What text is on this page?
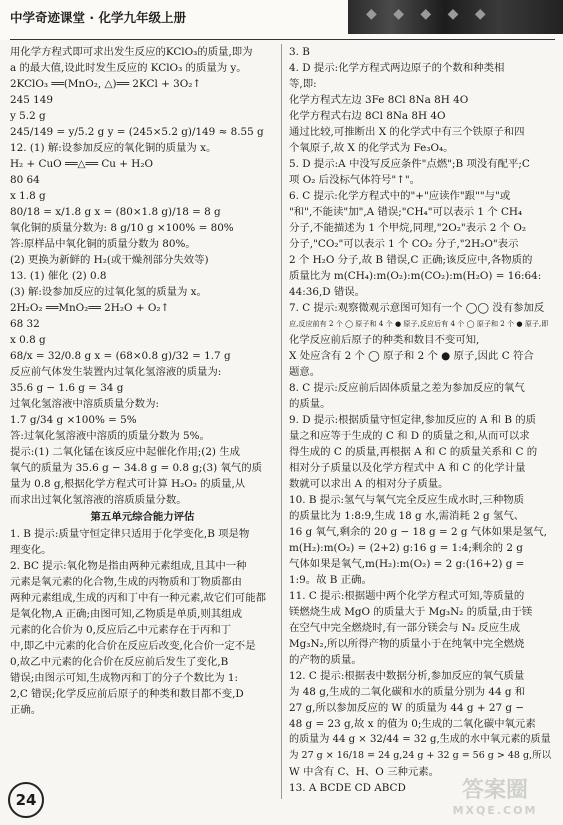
中学奇迹课堂 · 化学九年级上册	◆ ◆ ◆ ◆ ◆
用化学方程式即可求出发生反应的KClO₃的质量,即为
a 的最大值,设此时发生反应的 KClO₃ 的质量为 y。
2KClO₃ ══(MnO₂, △)══ 2KCl + 3O₂↑
245 149
y 5.2 g
245/149 = y/5.2 g y = (245×5.2 g)/149 ≈ 8.55 g
12. (1) 解:设参加反应的氧化铜的质量为 x。
H₂ + CuO ══△══ Cu + H₂O
80 64
x 1.8 g
80/18 = x/1.8 g x = (80×1.8 g)/18 = 8 g
氧化铜的质量分数为: 8 g/10 g ×100% = 80%
答:原样品中氧化铜的质量分数为 80%。
(2) 更换为新鲜的 H₂(或干燥剂部分失效等)
13. (1) 催化 (2) 0.8
(3) 解:设参加反应的过氧化氢的质量为 x。
2H₂O₂ ══MnO₂══ 2H₂O + O₂↑
68 32
x 0.8 g
68/x = 32/0.8 g x = (68×0.8 g)/32 = 1.7 g
反应前气体发生装置内过氧化氢溶液的质量为:
35.6 g − 1.6 g = 34 g
过氧化氢溶液中溶质质量分数为:
1.7 g/34 g ×100% = 5%
答:过氧化氢溶液中溶质的质量分数为 5%。
提示:(1) 二氧化锰在该反应中起催化作用;(2) 生成
氧气的质量为 35.6 g − 34.8 g = 0.8 g;(3) 氧气的质
量为 0.8 g,根据化学方程式可计算 H₂O₂ 的质量,从
而求出过氧化氢溶液的溶质质量分数。
第五单元综合能力评估
1. B 提示:质量守恒定律只适用于化学变化,B 项是物
理变化。
2. BC 提示:氧化物是指由两种元素组成,且其中一种
元素是氧元素的化合物,生成的丙物质和丁物质都由
两种元素组成,生成的丙和丁中有一种元素,故它们可能都
是氧化物,A 正确;由图可知,乙物质是单质,则其组成
元素的化合价为 0,反应后乙中元素存在于丙和丁
中,即乙中元素的化合价在反应后改变,化合价一定不是
0,故乙中元素的化合价在反应前后发生了变化,B
错误;由图示可知,生成物丙和丁的分子个数比为 1:
2,C 错误;化学反应前后原子的种类和数目都不变,D
正确。
3. B
4. D 提示:化学方程式两边原子的个数和种类相
等,即:
化学方程式左边 3Fe 8Cl 8Na 8H 4O
化学方程式右边 8Cl 8Na 8H 4O
通过比较,可推断出 X 的化学式中有三个铁原子和四
个氧原子,故 X 的化学式为 Fe₃O₄。
5. D 提示:A 中没写反应条件"点燃";B 项没有配平;C
项 O₂ 后没标气体符号"↑"。
6. C 提示:化学方程式中的"+"应读作"跟""与"或
"和",不能读"加",A 错误;"CH₄"可以表示 1 个 CH₄
分子,不能描述为 1 个甲烷,同理,"2O₂"表示 2 个 O₂
分子,"CO₂"可以表示 1 个 CO₂ 分子,"2H₂O"表示
2 个 H₂O 分子,故 B 错误,C 正确;该反应中,各物质的
质量比为 m(CH₄):m(O₂):m(CO₂):m(H₂O) = 16:64:
44:36,D 错误。
7. C 提示:观察微观示意图可知有一个 ◯◯ 没有参加反
应,反应前有 2 个 ◯ 原子和 4 个 ● 原子,反应后有 4 个 ◯ 原子和 2 个 ● 原子,即
化学反应前后原子的种类和数目不变可知,
X 处应含有 2 个 ◯ 原子和 2 个 ● 原子,因此 C 符合
题意。
8. C 提示:反应前后固体质量之差为参加反应的氧气
的质量。
9. D 提示:根据质量守恒定律,参加反应的 A 和 B 的质
量之和应等于生成的 C 和 D 的质量之和,从而可以求
得生成的 C 的质量,再根据 A 和 C 的质量关系和 C 的
相对分子质量以及化学方程式中 A 和 C 的化学计量
数就可以求出 A 的相对分子质量。
10. B 提示:氢气与氧气完全反应生成水时,三种物质
的质量比为 1:8:9,生成 18 g 水,需消耗 2 g 氢气、
16 g 氧气,剩余的 20 g − 18 g = 2 g 气体如果是氢气,
m(H₂):m(O₂) = (2+2) g:16 g = 1:4;剩余的 2 g
气体如果是氧气,m(H₂):m(O₂) = 2 g:(16+2) g =
1:9。故 B 正确。
11. C 提示:根据题中两个化学方程式可知,等质量的
镁燃烧生成 MgO 的质量大于 Mg₃N₂ 的质量,由于镁
在空气中完全燃烧时,有一部分镁会与 N₂ 反应生成
Mg₃N₂,所以所得产物的质量小于在纯氧中完全燃烧
的产物的质量。
12. C 提示:根据表中数据分析,参加反应的氧气质量
为 48 g,生成的二氧化碳和水的质量分别为 44 g 和
27 g,所以参加反应的 W 的质量为 44 g + 27 g −
48 g = 23 g,故 x 的值为 0;生成的二氧化碳中氧元素
的质量为 44 g × 32/44 = 32 g,生成的水中氧元素的质量
为 27 g × 16/18 = 24 g,24 g + 32 g = 56 g > 48 g,所以
W 中含有 C、H、O 三种元素。
13. A BCDE CD ABCD
24	答案圈
MXQE.COM
